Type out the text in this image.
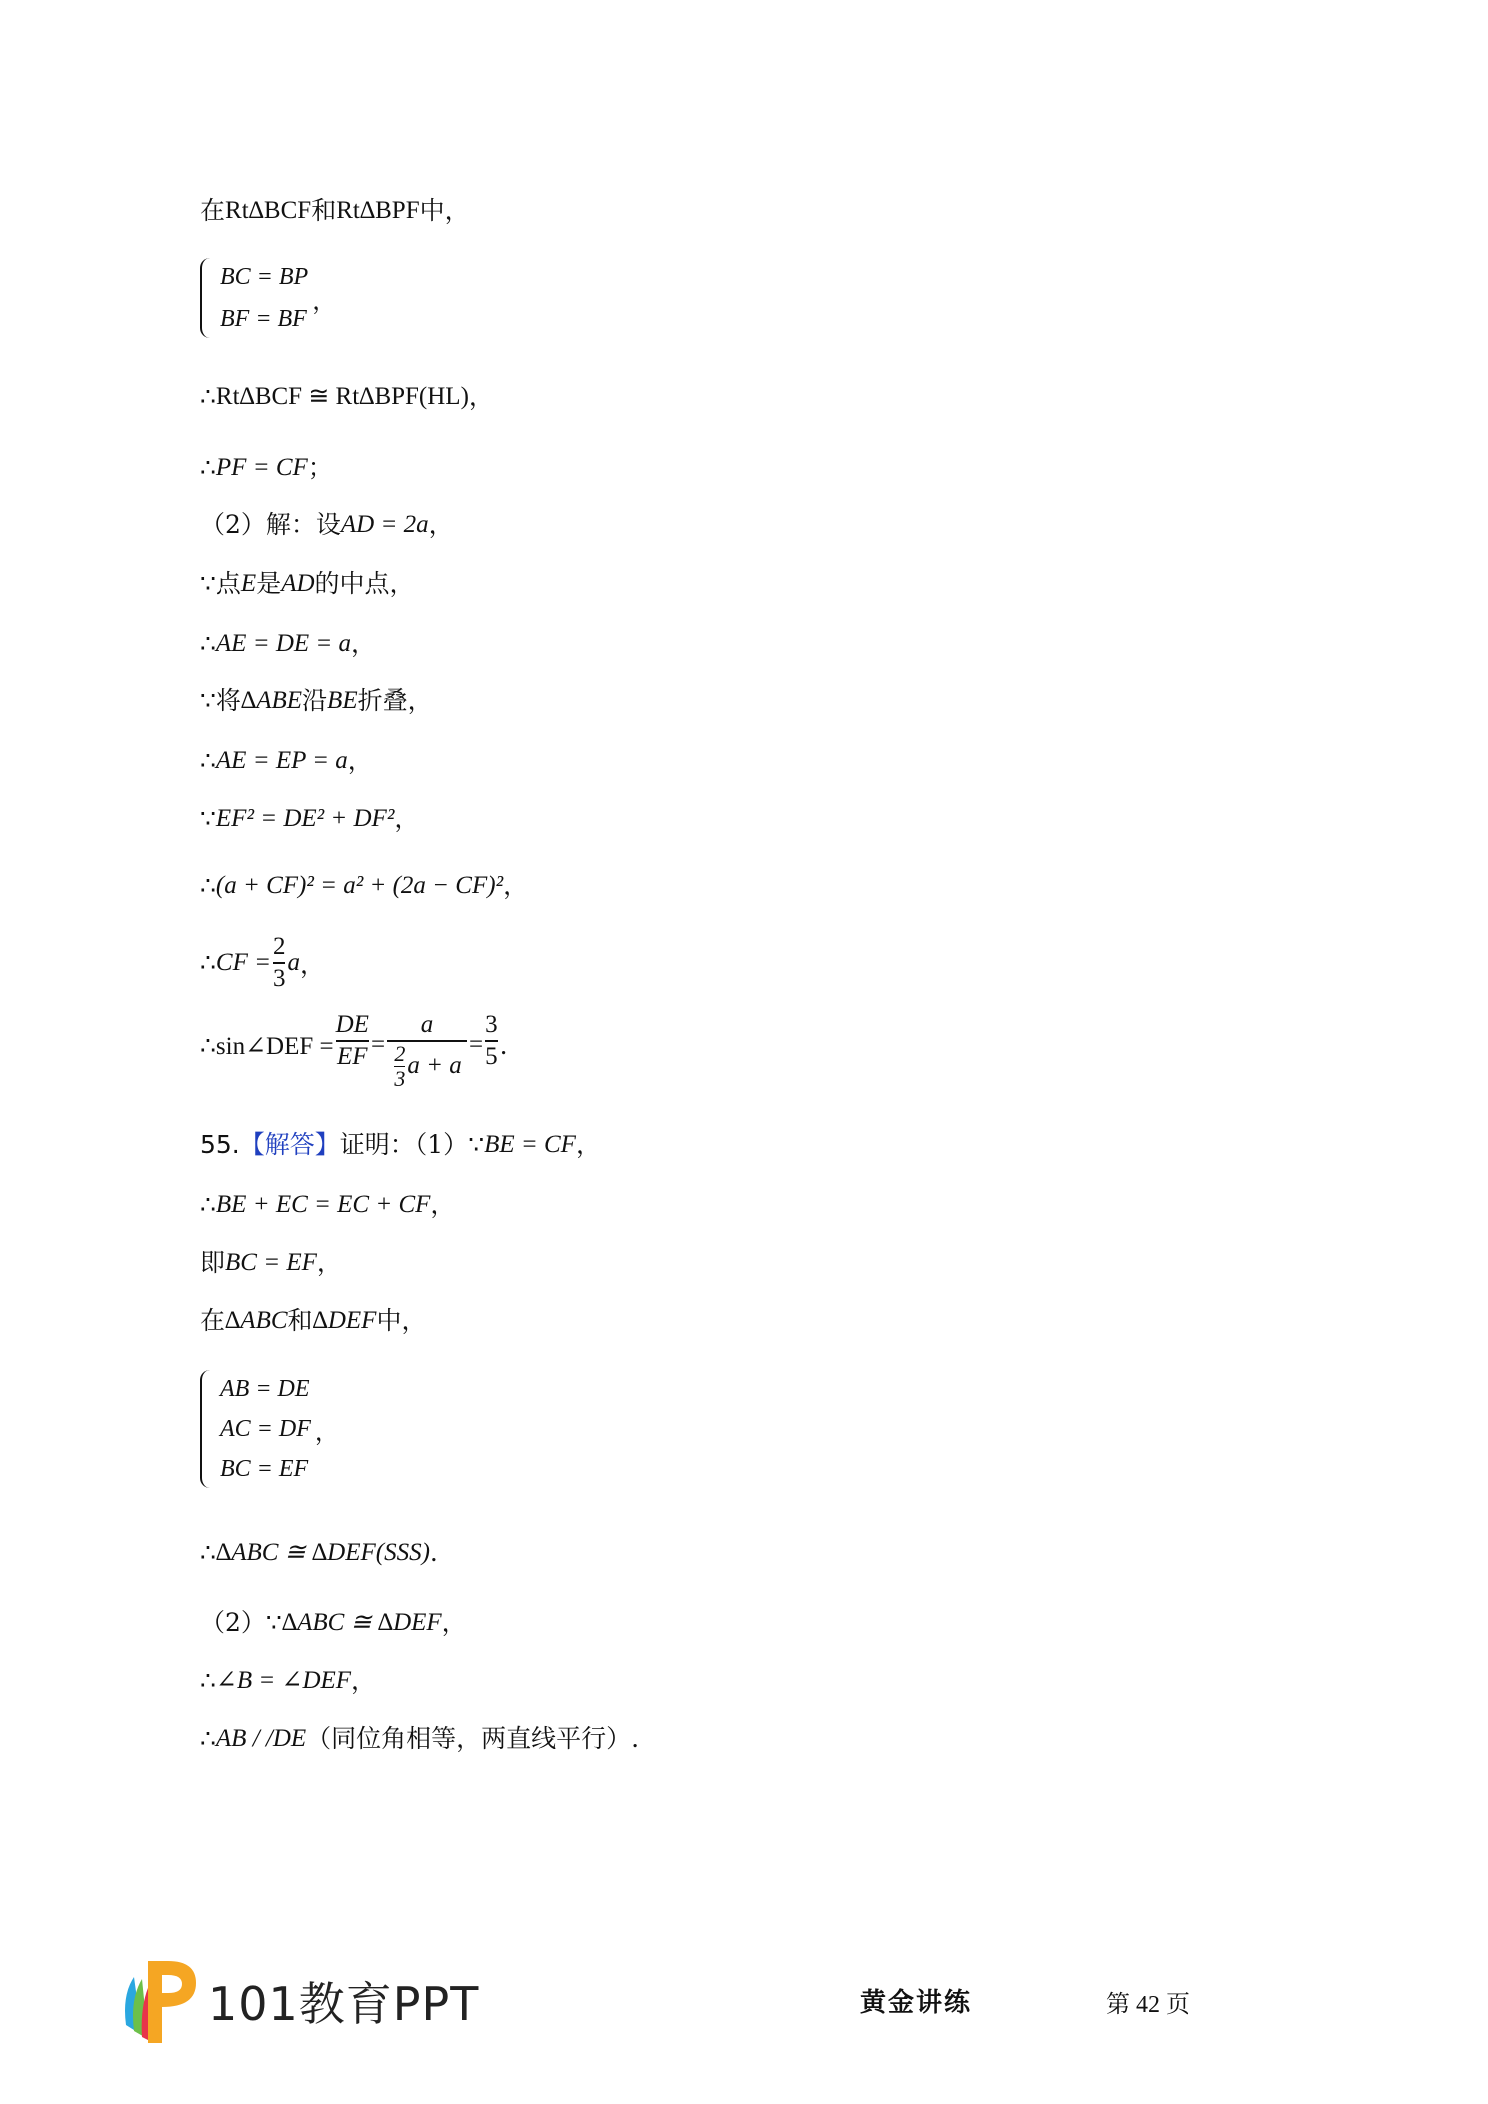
在 Rt∆BCF 和 Rt∆BPF 中，
BC = BP
BF = BF
，
∴ Rt∆BCF ≅ Rt∆BPF(HL) ，
∴ PF = CF ；
（2）解：设 AD = 2a ，
∵ 点 E 是 AD 的中点，
∴ AE = DE = a ，
∵ 将 ∆ABE 沿 BE 折叠，
∴ AE = EP = a ，
∵ EF² = DE² + DF² ，
∴ (a + CF)² = a² + (2a − CF)² ，
∴ CF = $\frac{2}{3}$ a ，
∴ sin∠DEF = $\frac{DE}{EF} = \frac{a}{\frac{2}{3} a + a} = \frac{3}{5}$ .
55. 【解答】 证明：（1） ∵ BE = CF ，
∴ BE + EC = EC + CF ，
即 BC = EF ，
在 ∆ABC 和 ∆DEF 中，
AB = DE
AC = DF
BC = EF
，
∴ ∆ABC ≅ ∆DEF(SSS) .
（2） ∵ ∆ABC ≅ ∆DEF ，
∴ ∠B = ∠DEF ，
∴ AB / /DE （同位角相等，两直线平行）.
101教育PPT	黄金讲练	第 42 页
